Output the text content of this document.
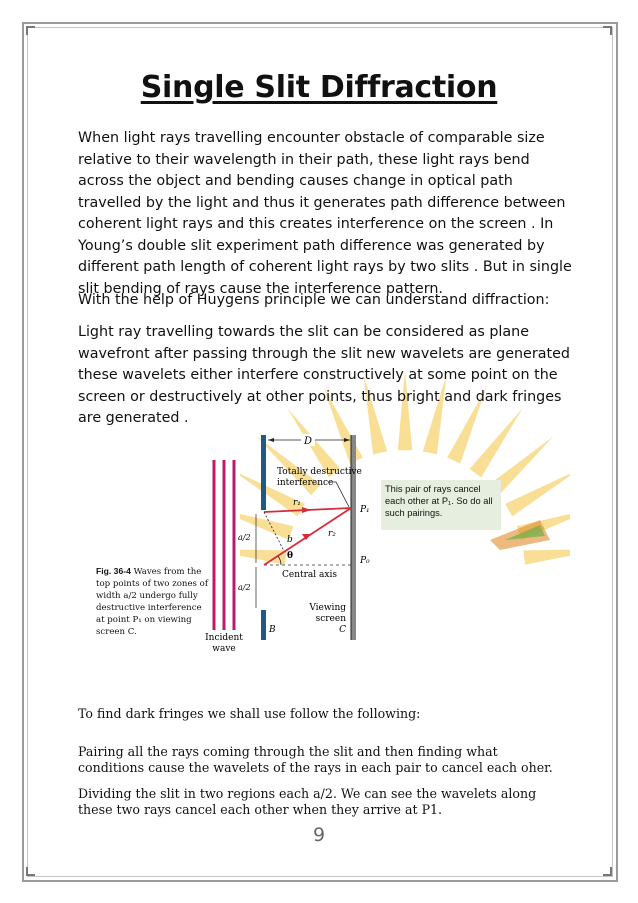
Single Slit Diffraction
When light rays travelling encounter obstacle of comparable size relative to their wavelength in their path, these light rays bend across the object and bending causes change in optical path travelled by the light and thus it generates path difference between coherent light rays and this creates interference on the screen . In Young’s double slit experiment path difference was generated by different path length of coherent light rays by two slits . But in single slit bending of rays cause the interference pattern.
With the help of Huygens principle we can understand diffraction:
Light ray travelling towards the slit can be considered as plane wavefront after passing through the slit new wavelets are generated these wavelets either interfere constructively at some point on the screen or destructively at other points, thus bright and dark fringes are generated .
D
Totally destructive
interference
r₁
r₂
b
θ
a/2
a/2
P₁
P₀
Central axis
B
Incident
wave
Viewing
screen
C
This pair of rays cancel each other at P₁. So do all such pairings.
Fig. 36-4 Waves from the top points of two zones of width a/2 undergo fully destructive interference at point P₁ on viewing screen C.
To find dark fringes we shall use follow the following:
Pairing all the rays coming through the slit and then finding what conditions cause the wavelets of the rays in each pair to cancel each oher.
Dividing the slit in two regions each a/2. We can see the wavelets along these two rays cancel each other when they arrive at P1.
9
